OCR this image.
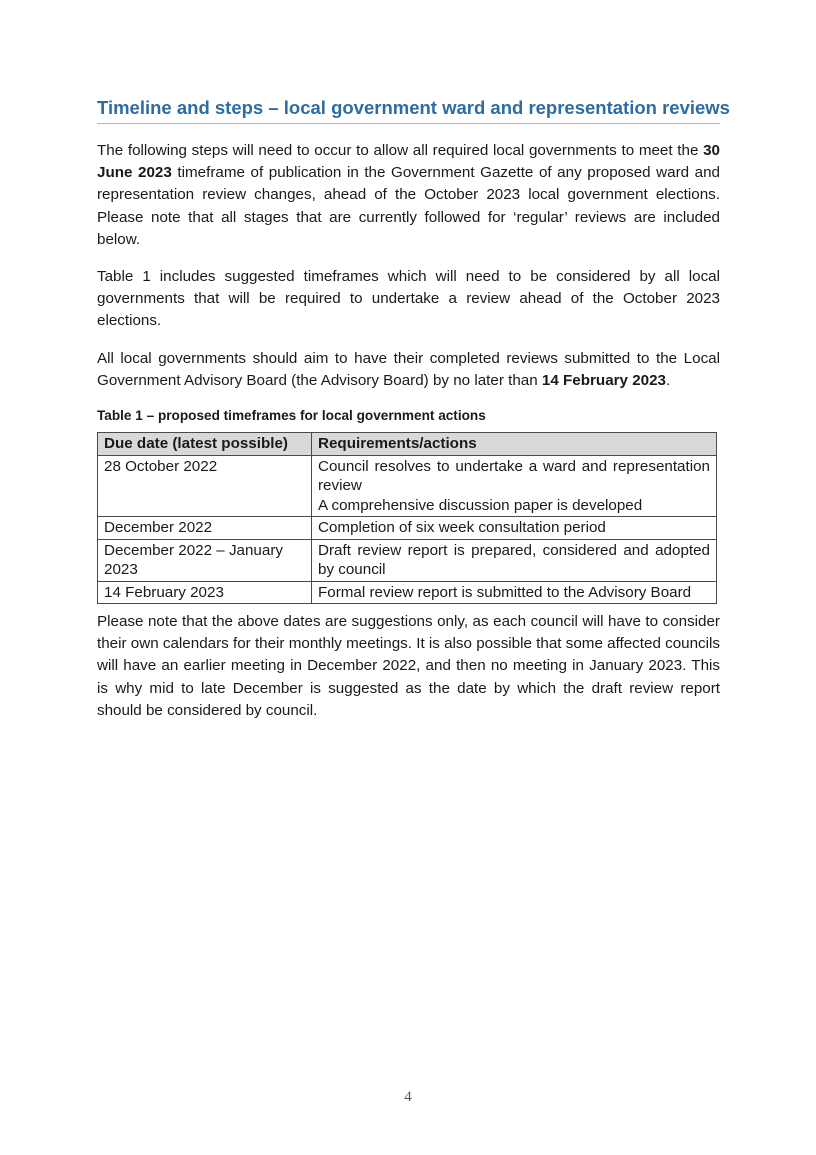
Timeline and steps – local government ward and representation reviews

The following steps will need to occur to allow all required local governments to meet the 30 June 2023 timeframe of publication in the Government Gazette of any proposed ward and representation review changes, ahead of the October 2023 local government elections. Please note that all stages that are currently followed for ‘regular’ reviews are included below.

Table 1 includes suggested timeframes which will need to be considered by all local governments that will be required to undertake a review ahead of the October 2023 elections.

All local governments should aim to have their completed reviews submitted to the Local Government Advisory Board (the Advisory Board) by no later than 14 February 2023.

Table 1 – proposed timeframes for local government actions
Due date (latest possible)	Requirements/actions
28 October 2022	Council resolves to undertake a ward and representation review
A comprehensive discussion paper is developed

December 2022	Completion of six week consultation period

December 2022 – January 2023	Draft review report is prepared, considered and adopted by council

14 February 2023	Formal review report is submitted to the Advisory Board

Please note that the above dates are suggestions only, as each council will have to consider their own calendars for their monthly meetings. It is also possible that some affected councils will have an earlier meeting in December 2022, and then no meeting in January 2023. This is why mid to late December is suggested as the date by which the draft review report should be considered by council.

4
